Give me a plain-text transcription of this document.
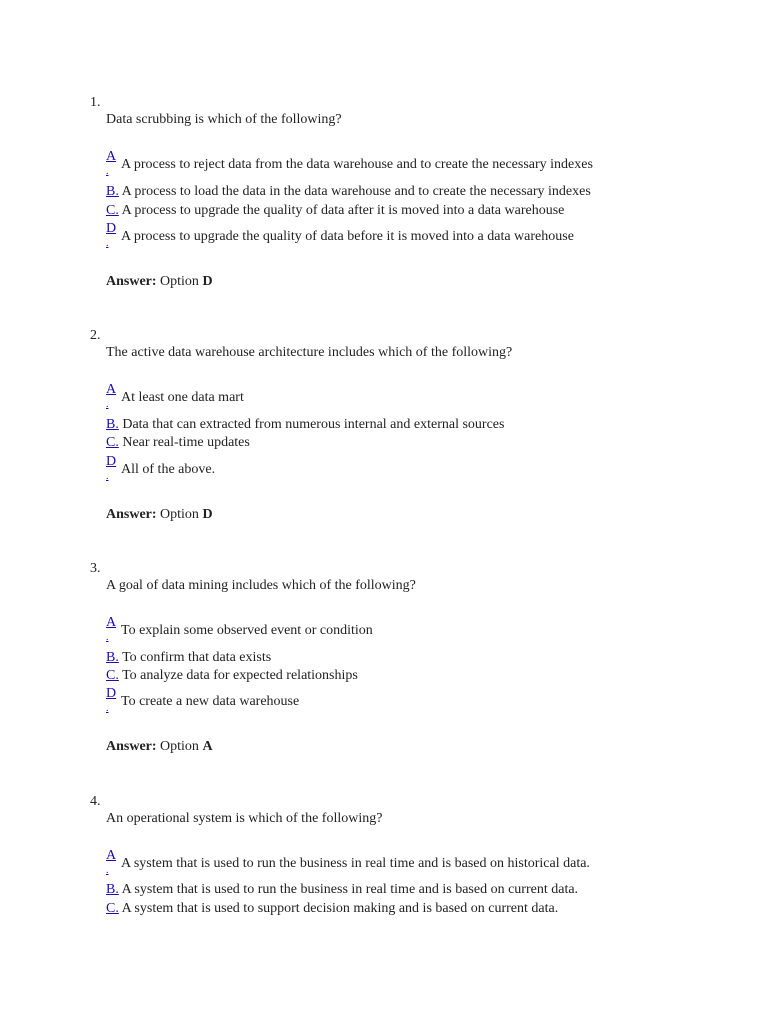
1.
Data scrubbing is which of the following?
A
. A process to reject data from the data warehouse and to create the necessary indexes
B. A process to load the data in the data warehouse and to create the necessary indexes
C. A process to upgrade the quality of data after it is moved into a data warehouse
D
. A process to upgrade the quality of data before it is moved into a data warehouse
Answer: Option D
2.
The active data warehouse architecture includes which of the following?
A
. At least one data mart
B. Data that can extracted from numerous internal and external sources
C. Near real-time updates
D
. All of the above.
Answer: Option D
3.
A goal of data mining includes which of the following?
A
. To explain some observed event or condition
B. To confirm that data exists
C. To analyze data for expected relationships
D
. To create a new data warehouse
Answer: Option A
4.
An operational system is which of the following?
A
. A system that is used to run the business in real time and is based on historical data.
B. A system that is used to run the business in real time and is based on current data.
C. A system that is used to support decision making and is based on current data.
